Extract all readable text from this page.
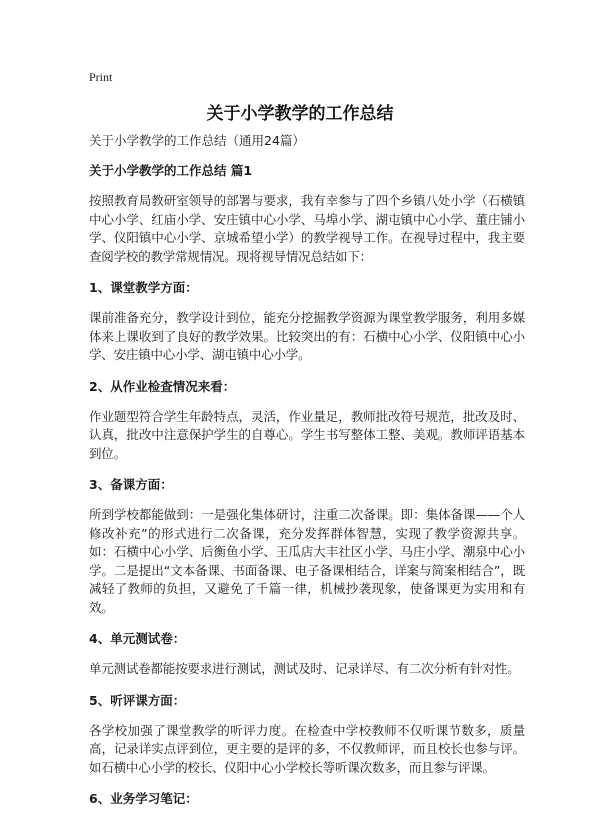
Print
关于小学教学的工作总结

关于小学教学的工作总结（通用24篇）

关于小学教学的工作总结 篇1

按照教育局教研室领导的部署与要求，我有幸参与了四个乡镇八处小学（石横镇中心小学、红庙小学、安庄镇中心小学、马埠小学、湖屯镇中心小学、董庄铺小学、仪阳镇中心小学、京城希望小学）的教学视导工作。在视导过程中，我主要查阅学校的教学常规情况。现将视导情况总结如下：

1、课堂教学方面：

课前准备充分，教学设计到位，能充分挖掘教学资源为课堂教学服务，利用多媒体来上课收到了良好的教学效果。比较突出的有：石横中心小学、仪阳镇中心小学、安庄镇中心小学、湖屯镇中心小学。

2、从作业检查情况来看：

作业题型符合学生年龄特点，灵活，作业量足，教师批改符号规范，批改及时、认真，批改中注意保护学生的自尊心。学生书写整体工整、美观。教师评语基本到位。

3、备课方面：

所到学校都能做到：一是强化集体研讨，注重二次备课。即：集体备课——个人修改补充”的形式进行二次备课，充分发挥群体智慧，实现了教学资源共享。如：石横中心小学、后衡鱼小学、王瓜店大丰社区小学、马庄小学、潮泉中心小学。二是提出“文本备课、书面备课、电子备课相结合，详案与简案相结合”，既减轻了教师的负担，又避免了千篇一律，机械抄袭现象，使备课更为实用和有效。

4、单元测试卷：

单元测试卷都能按要求进行测试，测试及时、记录详尽、有二次分析有针对性。

5、听评课方面：

各学校加强了课堂教学的听评力度。在检查中学校教师不仅听课节数多，质量高，记录详实点评到位，更主要的是评的多，不仅教师评，而且校长也参与评。如石横中心小学的校长、仪阳中心小学校长等听课次数多，而且参与评课。

6、业务学习笔记：
